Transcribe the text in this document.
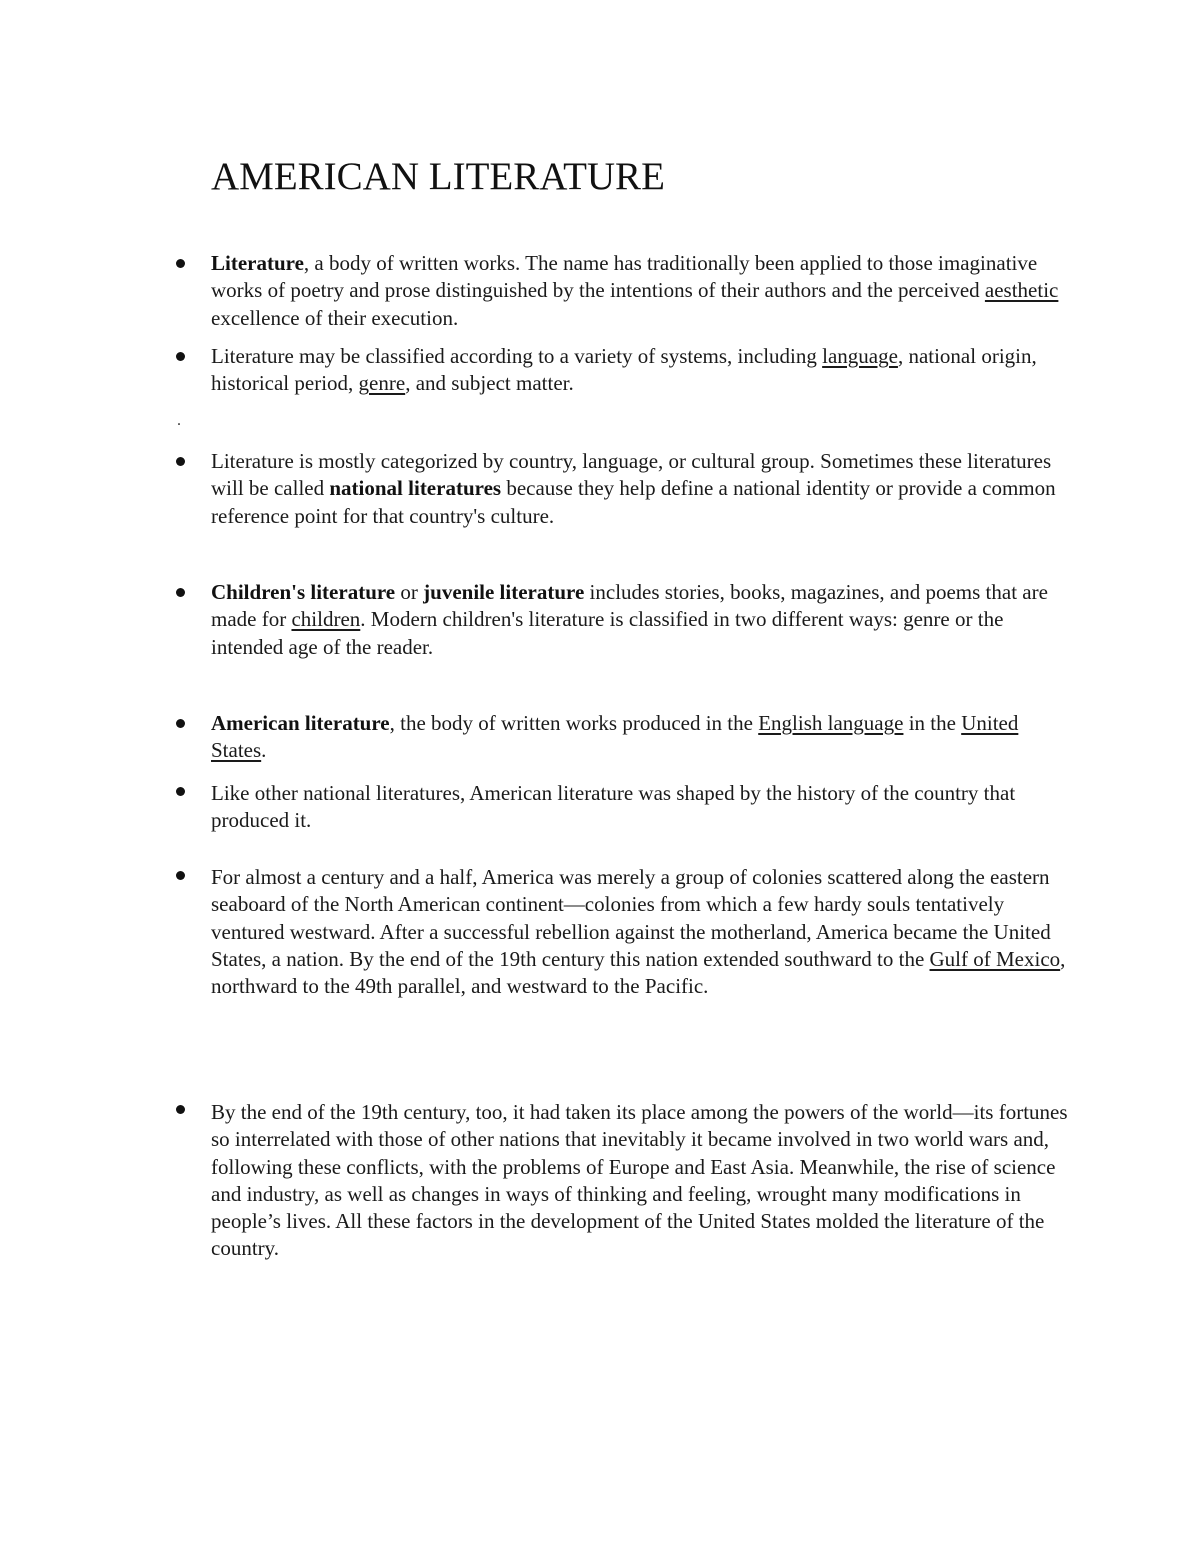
AMERICAN LITERATURE
Literature, a body of written works. The name has traditionally been applied to those imaginative works of poetry and prose distinguished by the intentions of their authors and the perceived aesthetic excellence of their execution.
Literature may be classified according to a variety of systems, including language, national origin, historical period, genre, and subject matter.
.
Literature is mostly categorized by country, language, or cultural group. Sometimes these literatures will be called national literatures because they help define a national identity or provide a common reference point for that country's culture.
Children's literature or juvenile literature includes stories, books, magazines, and poems that are made for children. Modern children's literature is classified in two different ways: genre or the intended age of the reader.
American literature, the body of written works produced in the English language in the United States.
Like other national literatures, American literature was shaped by the history of the country that produced it.
For almost a century and a half, America was merely a group of colonies scattered along the eastern seaboard of the North American continent—colonies from which a few hardy souls tentatively ventured westward. After a successful rebellion against the motherland, America became the United States, a nation. By the end of the 19th century this nation extended southward to the Gulf of Mexico, northward to the 49th parallel, and westward to the Pacific.
By the end of the 19th century, too, it had taken its place among the powers of the world—its fortunes so interrelated with those of other nations that inevitably it became involved in two world wars and, following these conflicts, with the problems of Europe and East Asia. Meanwhile, the rise of science and industry, as well as changes in ways of thinking and feeling, wrought many modifications in people’s lives. All these factors in the development of the United States molded the literature of the country.
